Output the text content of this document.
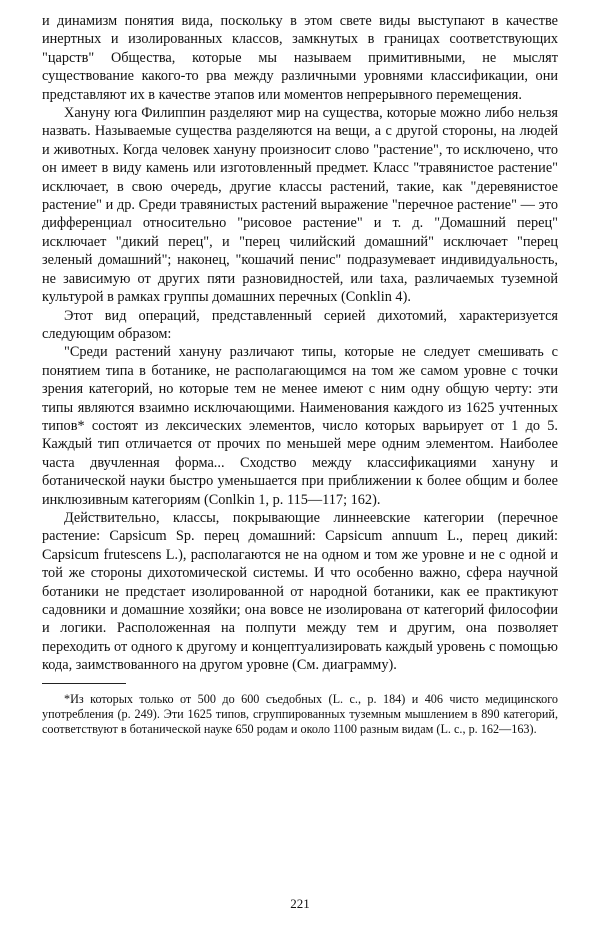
и динамизм понятия вида, поскольку в этом свете виды выступают в качестве инертных и изолированных классов, замкнутых в границах соответствующих "царств" Общества, которые мы называем примитивными, не мыслят существование какого-то рва между различными уровнями классификации, они представляют их в качестве этапов или моментов непрерывного перемещения.

Ханунy юга Филиппин разделяют мир на существа, которые можно либо нельзя назвать. Называемые существа разделяются на вещи, а с другой стороны, на людей и животных. Когда человек ханунy произносит слово "растение", то исключено, что он имеет в виду камень или изготовленный предмет. Класс "травянистое растение" исключает, в свою очередь, другие классы растений, такие, как "деревянистое растение" и др. Среди травянистых растений выражение "перечное растение" — это дифференциал относительно "рисовое растение" и т. д. "Домашний перец" исключает "дикий перец", и "перец чилийский домашний" исключает "перец зеленый домашний"; наконец, "кошачий пенис" подразумевает индивидуальность, не зависимую от других пяти разновидностей, или taxa, различаемых туземной культурой в рамках группы домашних перечных (Conklin 4).

Этот вид операций, представленный серией дихотомий, характеризуется следующим образом:

"Среди растений ханунy различают типы, которые не следует смешивать с понятием типа в ботанике, не располагающимся на том же самом уровне с точки зрения категорий, но которые тем не менее имеют с ним одну общую черту: эти типы являются взаимно исключающими. Наименования каждого из 1625 учтенных типов* состоят из лексических элементов, число которых варьирует от 1 до 5. Каждый тип отличается от прочих по меньшей мере одним элементом. Наиболее часта двучленная форма... Сходство между классификациями ханунy и ботанической науки быстро уменьшается при приближении к более общим и более инклюзивным категориям (Conlkin 1, р. 115—117; 162).

Действительно, классы, покрывающие линнеевские категории (перечное растение: Capsicum Sp. перец домашний: Capsicum annuum L., перец дикий: Capsicum frutescens L.), располагаются не на одном и том же уровне и не с одной и той же стороны дихотомической системы. И что особенно важно, сфера научной ботаники не предстает изолированной от народной ботаники, как ее практикуют садовники и домашние хозяйки; она вовсе не изолирована от категорий философии и логики. Расположенная на полпути между тем и другим, она позволяет переходить от одного к другому и концептуализировать каждый уровень с помощью кода, заимствованного на другом уровне (См. диаграмму).

*Из которых только от 500 до 600 съедобных (L. с., р. 184) и 406 чисто медицинского употребления (р. 249). Эти 1625 типов, сгруппированных туземным мышлением в 890 категорий, соответствуют в ботанической науке 650 родам и около 1100 разным видам (L. с., р. 162—163).

221
